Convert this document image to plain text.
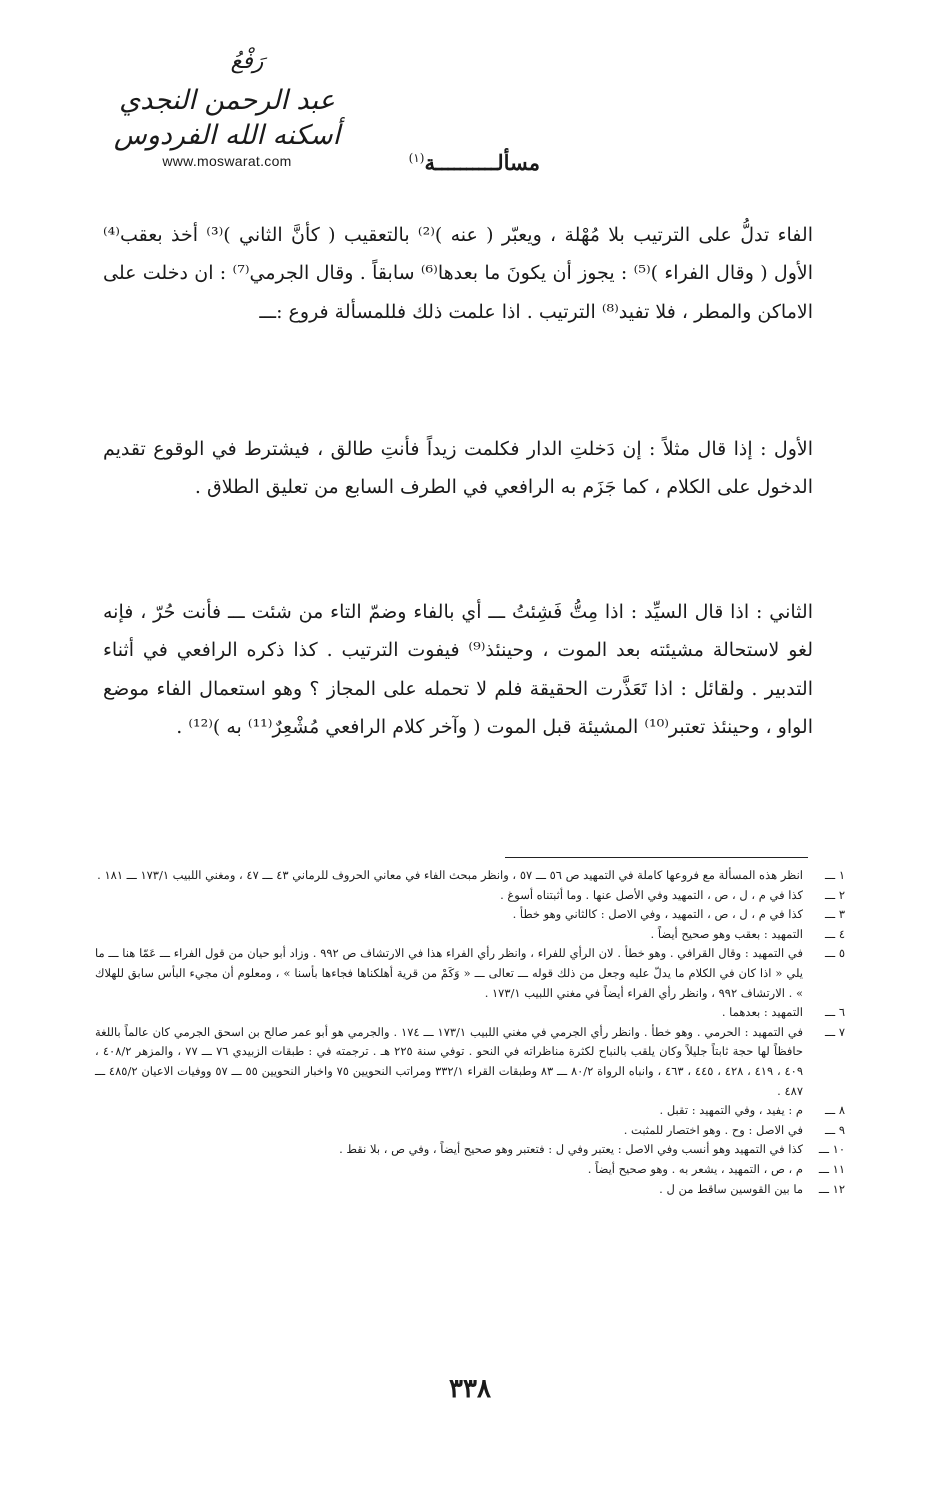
رَفْعُ
عبد الرحمن النجدي
أسكنه الله الفردوس
www.moswarat.com	مسألــــــــــة$^{(١)}$
الفاء تدلُّ على الترتيب بلا مُهْلة ، ويعبّر ( عنه )⁽²⁾ بالتعقيب ( كأنَّ الثاني )⁽³⁾ أخذ بعقب⁽⁴⁾ الأول ( وقال الفراء )⁽⁵⁾ : يجوز أن يكونَ ما بعدها⁽⁶⁾ سابقاً . وقال الجرمي⁽⁷⁾ : ان دخلت على الاماكن والمطر ، فلا تفيد⁽⁸⁾ الترتيب . اذا علمت ذلك فللمسألة فروع :ـــ
الأول : إذا قال مثلاً : إن دَخلتِ الدار فكلمت زيداً فأنتِ طالق ، فيشترط في الوقوع تقديم الدخول على الكلام ، كما جَزَم به الرافعي في الطرف السابع من تعليق الطلاق .
الثاني : اذا قال السيِّد : اذا مِتُّ فَشِئتُ ـــ أي بالفاء وضمّ التاء من شئت ـــ فأنت حُرّ ، فإنه لغو لاستحالة مشيئته بعد الموت ، وحينئذ⁽⁹⁾ فيفوت الترتيب . كذا ذكره الرافعي في أثناء التدبير . ولقائل : اذا تَعَذَّرت الحقيقة فلم لا تحمله على المجاز ؟ وهو استعمال الفاء موضع الواو ، وحينئذ تعتبر⁽¹⁰⁾ المشيئة قبل الموت ( وآخر كلام الرافعي مُشْعِرٌ⁽¹¹⁾ به )⁽¹²⁾ .
١ ـــ
انظر هذه المسألة مع فروعها كاملة في التمهيد ص ٥٦ ـــ ٥٧ ، وانظر مبحث الفاء في معاني الحروف للرماني ٤٣ ـــ ٤٧ ، ومغني اللبيب ١٧٣/١ ـــ ١٨١ .
٢ ـــ
كذا في م ، ل ، ص ، التمهيد وفي الأصل عنها . وما أثبتناه أسوغ .
٣ ـــ
كذا في م ، ل ، ص ، التمهيد ، وفي الاصل : كالثاني وهو خطأ .
٤ ـــ
التمهيد : بعقب وهو صحيح أيضاً .
٥ ـــ
في التمهيد : وقال القرافي . وهو خطأ . لان الرأي للفراء ، وانظر رأي الفراء هذا في الارتشاف ص ٩٩٢ . وزاد أبو حيان من قول الفراء ـــ عَمّا هنا ـــ ما يلي « اذا كان في الكلام ما يدلّ عليه وجعل من ذلك قوله ـــ تعالى ـــ « وَكَمْ من قرية أهلكناها فجاءها بأسنا » ، ومعلوم أن مجيء البأس سابق للهلاك » . الارتشاف ٩٩٢ ، وانظر رأي الفراء أيضاً في مغني اللبيب ١٧٣/١ .
٦ ـــ
التمهيد : بعدهما .
٧ ـــ
في التمهيد : الحرمي . وهو خطأ . وانظر رأي الجرمي في مغني اللبيب ١٧٣/١ ـــ ١٧٤ . والجرمي هو أبو عمر صالح بن اسحق الجرمي كان عالماً باللغة حافظاً لها حجة ثابتاً جليلاً وكان يلقب بالنباح لكثرة مناظراته في النحو . توفي سنة ٢٢٥ هـ . ترجمته في : طبقات الزبيدي ٧٦ ـــ ٧٧ ، والمزهر ٤٠٨/٢ ، ٤٠٩ ، ٤١٩ ، ٤٢٨ ، ٤٤٥ ، ٤٦٣ ، وانباه الرواة ٨٠/٢ ـــ ٨٣ وطبقات القراء ٣٣٢/١ ومراتب النحويين ٧٥ واخبار النحويين ٥٥ ـــ ٥٧ ووفيات الاعيان ٤٨٥/٢ ـــ ٤٨٧ .
٨ ـــ
م : يفيد ، وفي التمهيد : تقبل .
٩ ـــ
في الاصل : وح . وهو اختصار للمثبت .
١٠ ـــ
كذا في التمهيد وهو أنسب وفي الاصل : يعتبر وفي ل : فتعتبر وهو صحيح أيضاً ، وفي ص ، بلا نقط .
١١ ـــ
م ، ص ، التمهيد ، يشعر به . وهو صحيح أيضاً .
١٢ ـــ
ما بين القوسين ساقط من ل .
٣٣٨
